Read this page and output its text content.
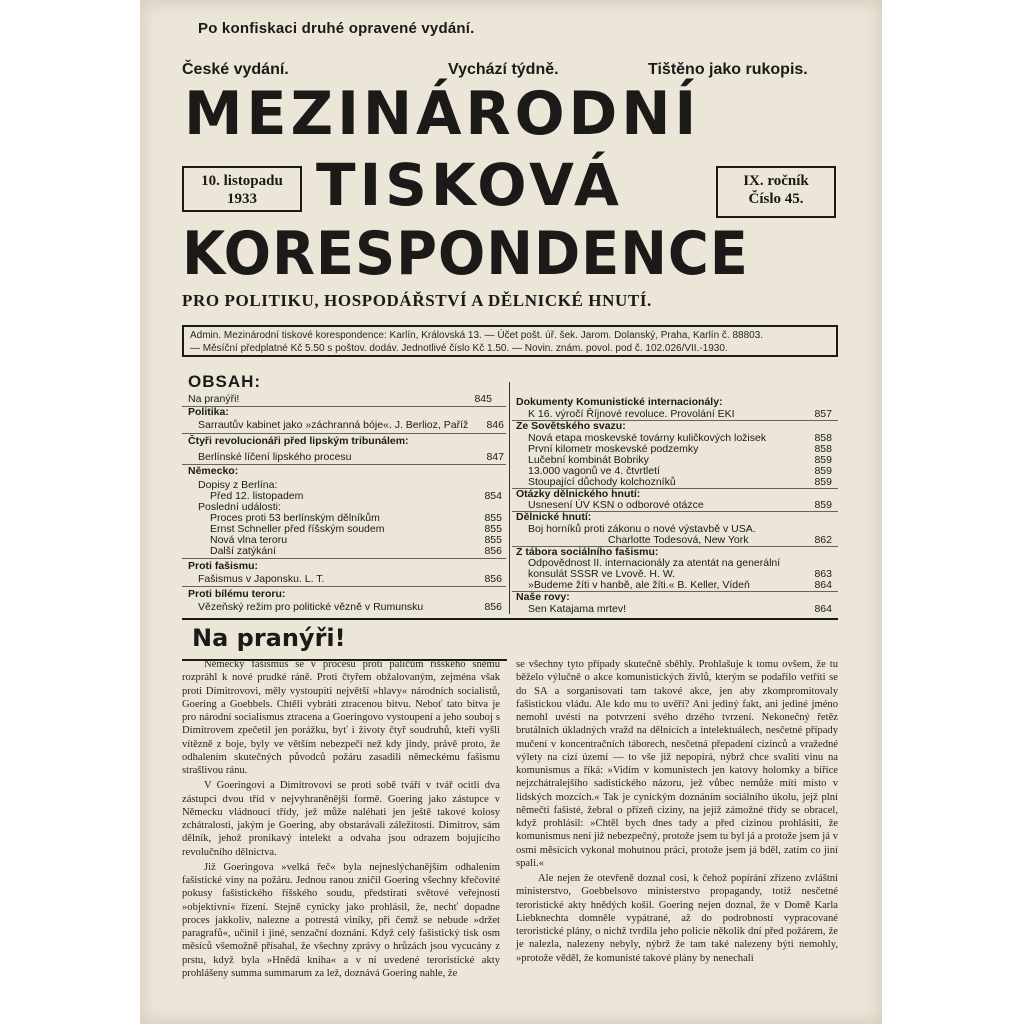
Po konfiskaci druhé opravené vydání.
České vydání.	Vychází týdně.	Tištěno jako rukopis.
MEZINÁRODNÍ
TISKOVÁ
KORESPONDENCE
10. listopadu
1933
IX. ročník
Číslo 45.
PRO POLITIKU, HOSPODÁŘSTVÍ A DĚLNICKÉ HNUTÍ.
Admin. Mezinárodní tiskové korespondence: Karlín, Královská 13. — Účet pošt. úř. šek. Jarom. Dolanský, Praha, Karlín č. 88803.
— Měsíční předplatné Kč 5.50 s poštov. dodáv. Jednotlivé číslo Kč 1.50. — Novin. znám. povol. pod č. 102.026/VII.-1930.
OBSAH:
Na pranýři!	845
Politika:
Sarrautův kabinet jako »záchranná bóje«. J. Berlioz, Paříž	846
Čtyři revolucionáři před lipským tribunálem:
Berlínské líčení lipského procesu	847
Německo:
Dopisy z Berlína:
Před 12. listopadem	854
Poslední události:
Proces proti 53 berlínským dělníkům	855
Ernst Schneller před říšským soudem	855
Nová vlna teroru	855
Další zatýkání	856
Proti fašismu:
Fašismus v Japonsku. L. T.	856
Proti bílému teroru:
Vězeňský režim pro politické vězně v Rumunsku	856
Dokumenty Komunistické internacionály:
K 16. výročí Říjnové revoluce. Provolání EKI	857
Ze Sovětského svazu:
Nová etapa moskevské továrny kuličkových ložisek	858
První kilometr moskevské podzemky	858
Lučební kombinát Bobriky	859
13.000 vagonů ve 4. čtvrtletí	859
Stoupající důchody kolchozníků	859
Otázky dělnického hnutí:
Usnesení ÚV KSN o odborové otázce	859
Dělnické hnutí:
Boj horníků proti zákonu o nové výstavbě v USA.
Charlotte Todesová, New York	862
Z tábora sociálního fašismu:
Odpovědnost II. internacionály za atentát na generální
konsulát SSSR ve Lvově. H. W.	863
»Budeme žíti v hanbě, ale žíti.« B. Keller, Vídeň	864
Naše rovy:
Sen Katajama mrtev!	864
Na pranýři!

Německý fašismus se v procesu proti paličům říšského sněmu rozpráhl k nové prudké ráně. Proti čtyřem obžalovaným, zejména však proti Dimitrovovi, měly vystoupiti největší »hlavy« národních socialistů, Goering a Goebbels. Chtěli vybráti ztracenou bitvu. Neboť tato bitva je pro národní socialismus ztracena a Goeringovo vystoupení a jeho souboj s Dimitrovem zpečetil jen porážku, byť i životy čtyř soudruhů, kteří vyšli vítězně z boje, byly ve větším nebezpečí než kdy jindy, právě proto, že odhalením skutečných původců požáru zasadili německému fašismu strašlivou ránu.

V Goeringovi a Dimitrovovi se proti sobě tváří v tvář ocitli dva zástupci dvou tříd v nejvyhraněnější formě. Goering jako zástupce v Německu vládnoucí třídy, jež může naléhati jen ještě takové kolosy zchátralosti, jakým je Goering, aby obstarávali záležitosti. Dimitrov, sám dělník, jehož pronikavý intelekt a odvaha jsou odrazem bojujícího revolučního dělnictva.

Již Goeringova »velká řeč« byla nejneslýchanějším odhalením fašistické viny na požáru. Jednou ranou zničil Goering všechny křečovité pokusy fašistického říšského soudu, předstírati světové veřejnosti »objektivní« řízení. Stejně cynicky jako prohlásil, že, nechť dopadne proces jakkoliv, nalezne a potrestá viníky, při čemž se nebude »držet paragrafů«, učinil i jiné, senzační doznání. Když celý fašistický tisk osm měsíců všemožně přísahal, že všechny zprávy o hrůzách jsou vycucány z prstu, když byla »Hnědá kniha« a v ní uvedené teroristické akty prohlášeny summa summarum za lež, doznává Goering nahle, že

se všechny tyto případy skutečně sběhly. Prohlašuje k tomu ovšem, že tu běželo výlučně o akce komunistických živlů, kterým se podařilo vetříti se do SA a sorganisovati tam takové akce, jen aby zkompromitovaly fašistickou vládu. Ale kdo mu to uvěří? Ani jediný fakt, ani jediné jméno nemohl uvésti na potvrzení svého drzého tvrzení. Nekonečný řetěz brutálních úkladných vražd na dělnících a intelektuálech, nesčetné případy mučení v koncentračních táborech, nesčetná přepadení cizinců a vražedné výlety na cizí území — to vše již nepopírá, nýbrž chce svaliti vinu na komunismus a říká: »Vidím v komunistech jen katovy holomky a biřice nejzchátralejšího sadistického názoru, jež vůbec nemůže míti místo v lidských mozcích.« Tak je cynickým doznáním sociálního úkolu, jejž plní němečtí fašisté, žebral o přízeň ciziny, na jejíž zámožné třídy se obracel, když prohlásil: »Chtěl bych dnes tady a před cizinou prohlásiti, že komunismus není již nebezpečný, protože jsem tu byl já a protože jsem já v osmi měsících vykonal mohutnou práci, protože jsem já bděl, zatím co jiní spali.«

Ale nejen že otevřeně doznal cosi, k čehož popírání zřízeno zvláštní ministerstvo, Goebbelsovo ministerstvo propagandy, totiž nesčetné teroristické akty hnědých košil. Goering nejen doznal, že v Domě Karla Liebknechta domněle vypátrané, až do podrobností vypracované teroristické plány, o nichž tvrdila jeho policie několik dní před požárem, že je nalezla, nalezeny nebyly, nýbrž že tam také nalezeny býti nemohly, »protože věděl, že komunisté takové plány by nenechali
